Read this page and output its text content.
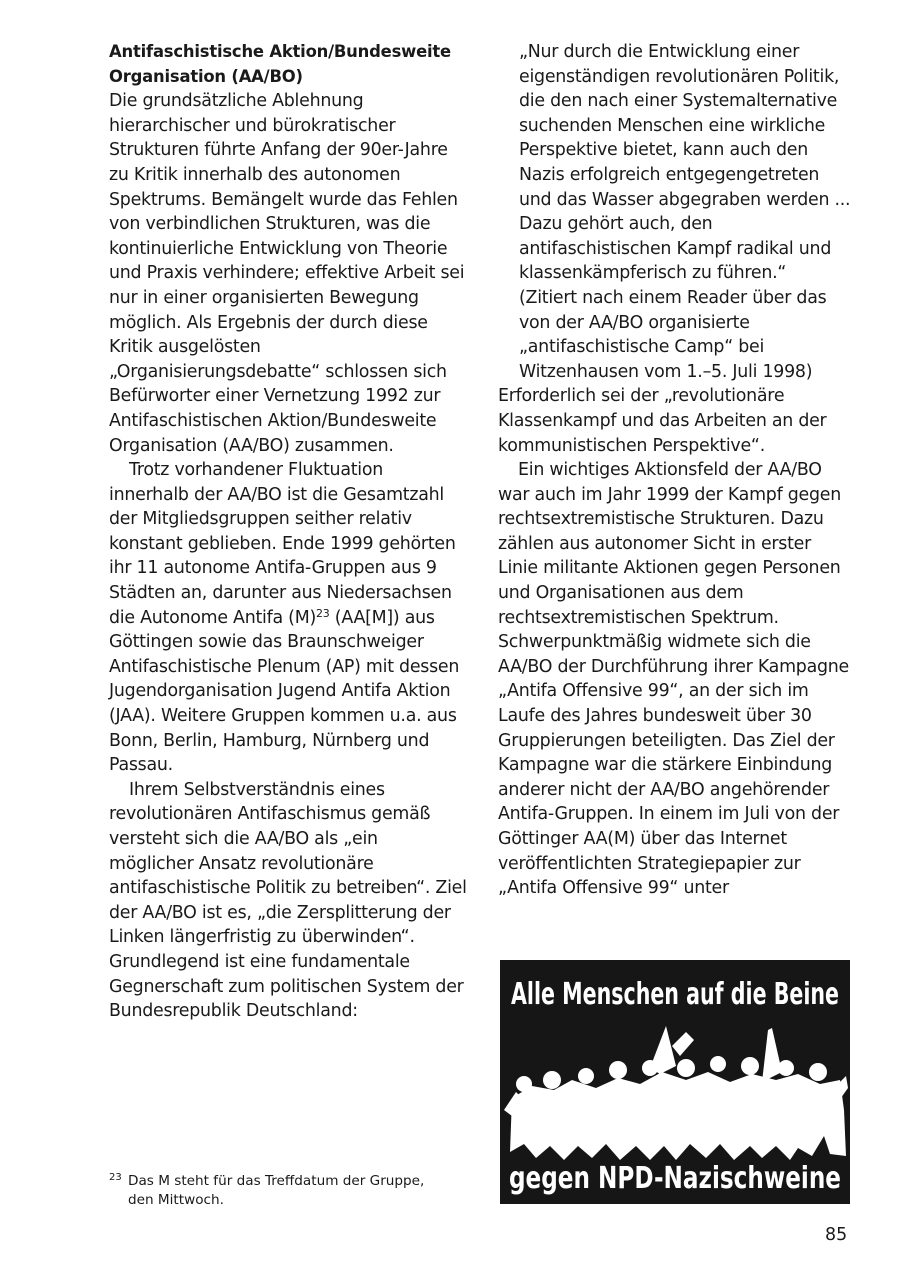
Antifaschistische Aktion/Bundesweite Organisation (AA/BO)

Die grundsätzliche Ablehnung hierarchischer und bürokratischer Strukturen führte Anfang der 90er-Jahre zu Kritik innerhalb des autonomen Spektrums. Bemängelt wurde das Fehlen von verbindlichen Strukturen, was die kontinuierliche Entwicklung von Theorie und Praxis verhindere; effektive Arbeit sei nur in einer organisierten Bewegung möglich. Als Ergebnis der durch diese Kritik ausgelösten „Organisierungsdebatte“ schlossen sich Befürworter einer Vernetzung 1992 zur Antifaschistischen Aktion/Bundesweite Organisation (AA/BO) zusammen.

Trotz vorhandener Fluktuation innerhalb der AA/BO ist die Gesamtzahl der Mitgliedsgruppen seither relativ konstant geblieben. Ende 1999 gehörten ihr 11 autonome Antifa-Gruppen aus 9 Städten an, darunter aus Niedersachsen die Autonome Antifa $(M)^{23}$ (AA[M]) aus Göttingen sowie das Braunschweiger Antifaschistische Plenum (AP) mit dessen Jugendorganisation Jugend Antifa Aktion (JAA). Weitere Gruppen kommen u.a. aus Bonn, Berlin, Hamburg, Nürnberg und Passau.

Ihrem Selbstverständnis eines revolutionären Antifaschismus gemäß versteht sich die AA/BO als „ein möglicher Ansatz revolutionäre antifaschistische Politik zu betreiben“. Ziel der AA/BO ist es, „die Zersplitterung der Linken längerfristig zu überwinden“. Grundlegend ist eine fundamentale Gegnerschaft zum politischen System der Bundesrepublik Deutschland:

„Nur durch die Entwicklung einer eigenständigen revolutionären Politik, die den nach einer Systemalternative suchenden Menschen eine wirkliche Perspektive bietet, kann auch den Nazis erfolgreich entgegengetreten und das Wasser abgegraben werden ... Dazu gehört auch, den antifaschistischen Kampf radikal und klassenkämpferisch zu führen.“

(Zitiert nach einem Reader über das von der AA/BO organisierte „antifaschistische Camp“ bei Witzenhausen vom 1.–5. Juli 1998)

Erforderlich sei der „revolutionäre Klassenkampf und das Arbeiten an der kommunistischen Perspektive“.

Ein wichtiges Aktionsfeld der AA/BO war auch im Jahr 1999 der Kampf gegen rechtsextremistische Strukturen. Dazu zählen aus autonomer Sicht in erster Linie militante Aktionen gegen Personen und Organisationen aus dem rechtsextremistischen Spektrum. Schwerpunktmäßig widmete sich die AA/BO der Durchführung ihrer Kampagne „Antifa Offensive 99“, an der sich im Laufe des Jahres bundesweit über 30 Gruppierungen beteiligten. Das Ziel der Kampagne war die stärkere Einbindung anderer nicht der AA/BO angehörender Antifa-Gruppen. In einem im Juli von der Göttinger AA(M) über das Internet veröffentlichten Strategiepapier zur „Antifa Offensive 99“ unter

Alle Menschen auf die Beine
gegen NPD-Nazischweine
23 Das M steht für das Treffdatum der Gruppe, den Mittwoch.
85
